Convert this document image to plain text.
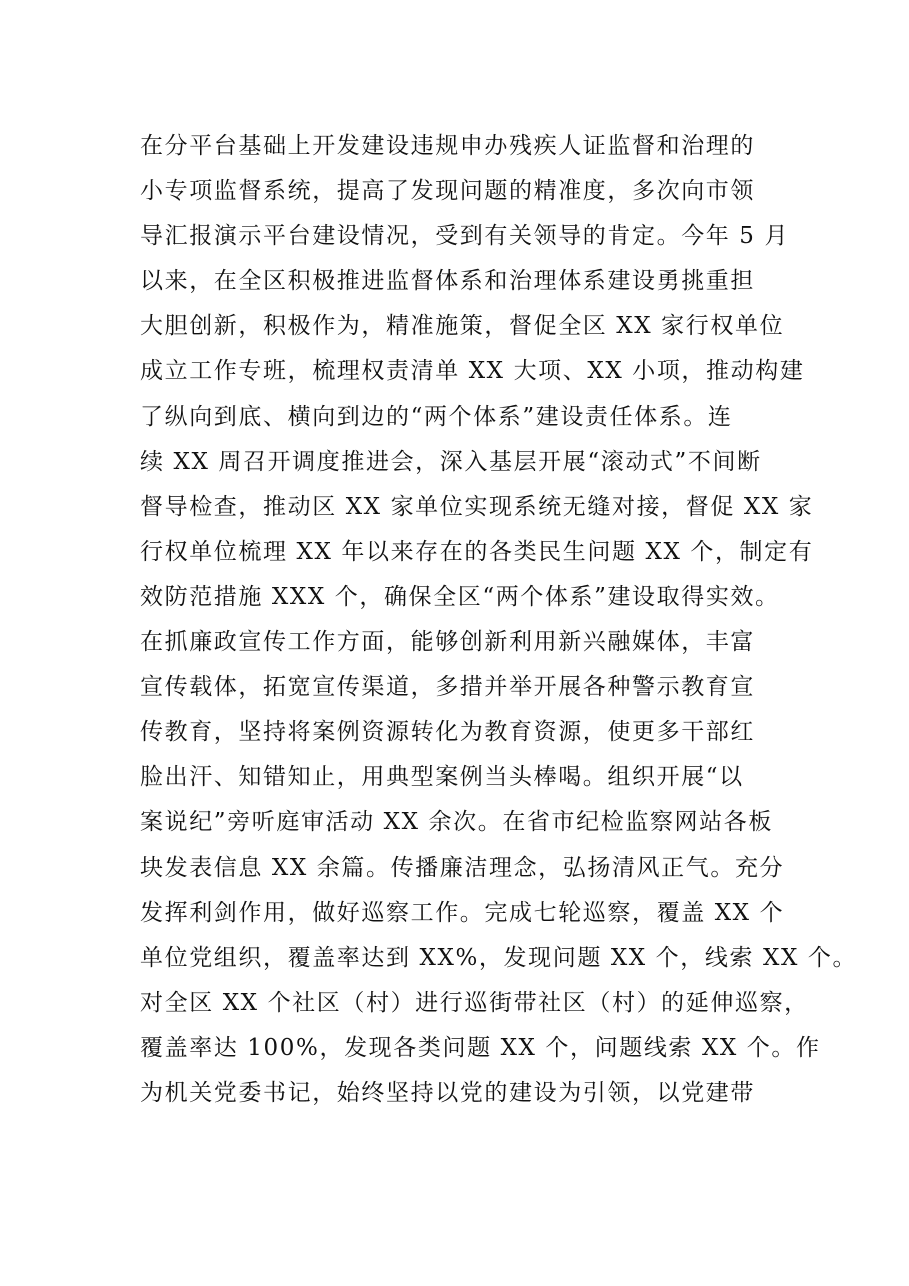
在分平台基础上开发建设违规申办残疾人证监督和治理的
小专项监督系统，提高了发现问题的精准度，多次向市领
导汇报演示平台建设情况，受到有关领导的肯定。今年 5 月
以来，在全区积极推进监督体系和治理体系建设勇挑重担
大胆创新，积极作为，精准施策，督促全区 XX 家行权单位
成立工作专班，梳理权责清单 XX 大项、XX 小项，推动构建
了纵向到底、横向到边的“两个体系”建设责任体系。连
续 XX 周召开调度推进会，深入基层开展“滚动式”不间断
督导检查，推动区 XX 家单位实现系统无缝对接，督促 XX 家
行权单位梳理 XX 年以来存在的各类民生问题 XX 个，制定有
效防范措施 XXX 个，确保全区“两个体系”建设取得实效。
在抓廉政宣传工作方面，能够创新利用新兴融媒体，丰富
宣传载体，拓宽宣传渠道，多措并举开展各种警示教育宣
传教育，坚持将案例资源转化为教育资源，使更多干部红
脸出汗、知错知止，用典型案例当头棒喝。组织开展“以
案说纪”旁听庭审活动 XX 余次。在省市纪检监察网站各板
块发表信息 XX 余篇。传播廉洁理念，弘扬清风正气。充分
发挥利剑作用，做好巡察工作。完成七轮巡察，覆盖 XX 个
单位党组织，覆盖率达到 XX%，发现问题 XX 个，线索 XX 个。
对全区 XX 个社区（村）进行巡街带社区（村）的延伸巡察，
覆盖率达 100%，发现各类问题 XX 个，问题线索 XX 个。作
为机关党委书记，始终坚持以党的建设为引领，以党建带
